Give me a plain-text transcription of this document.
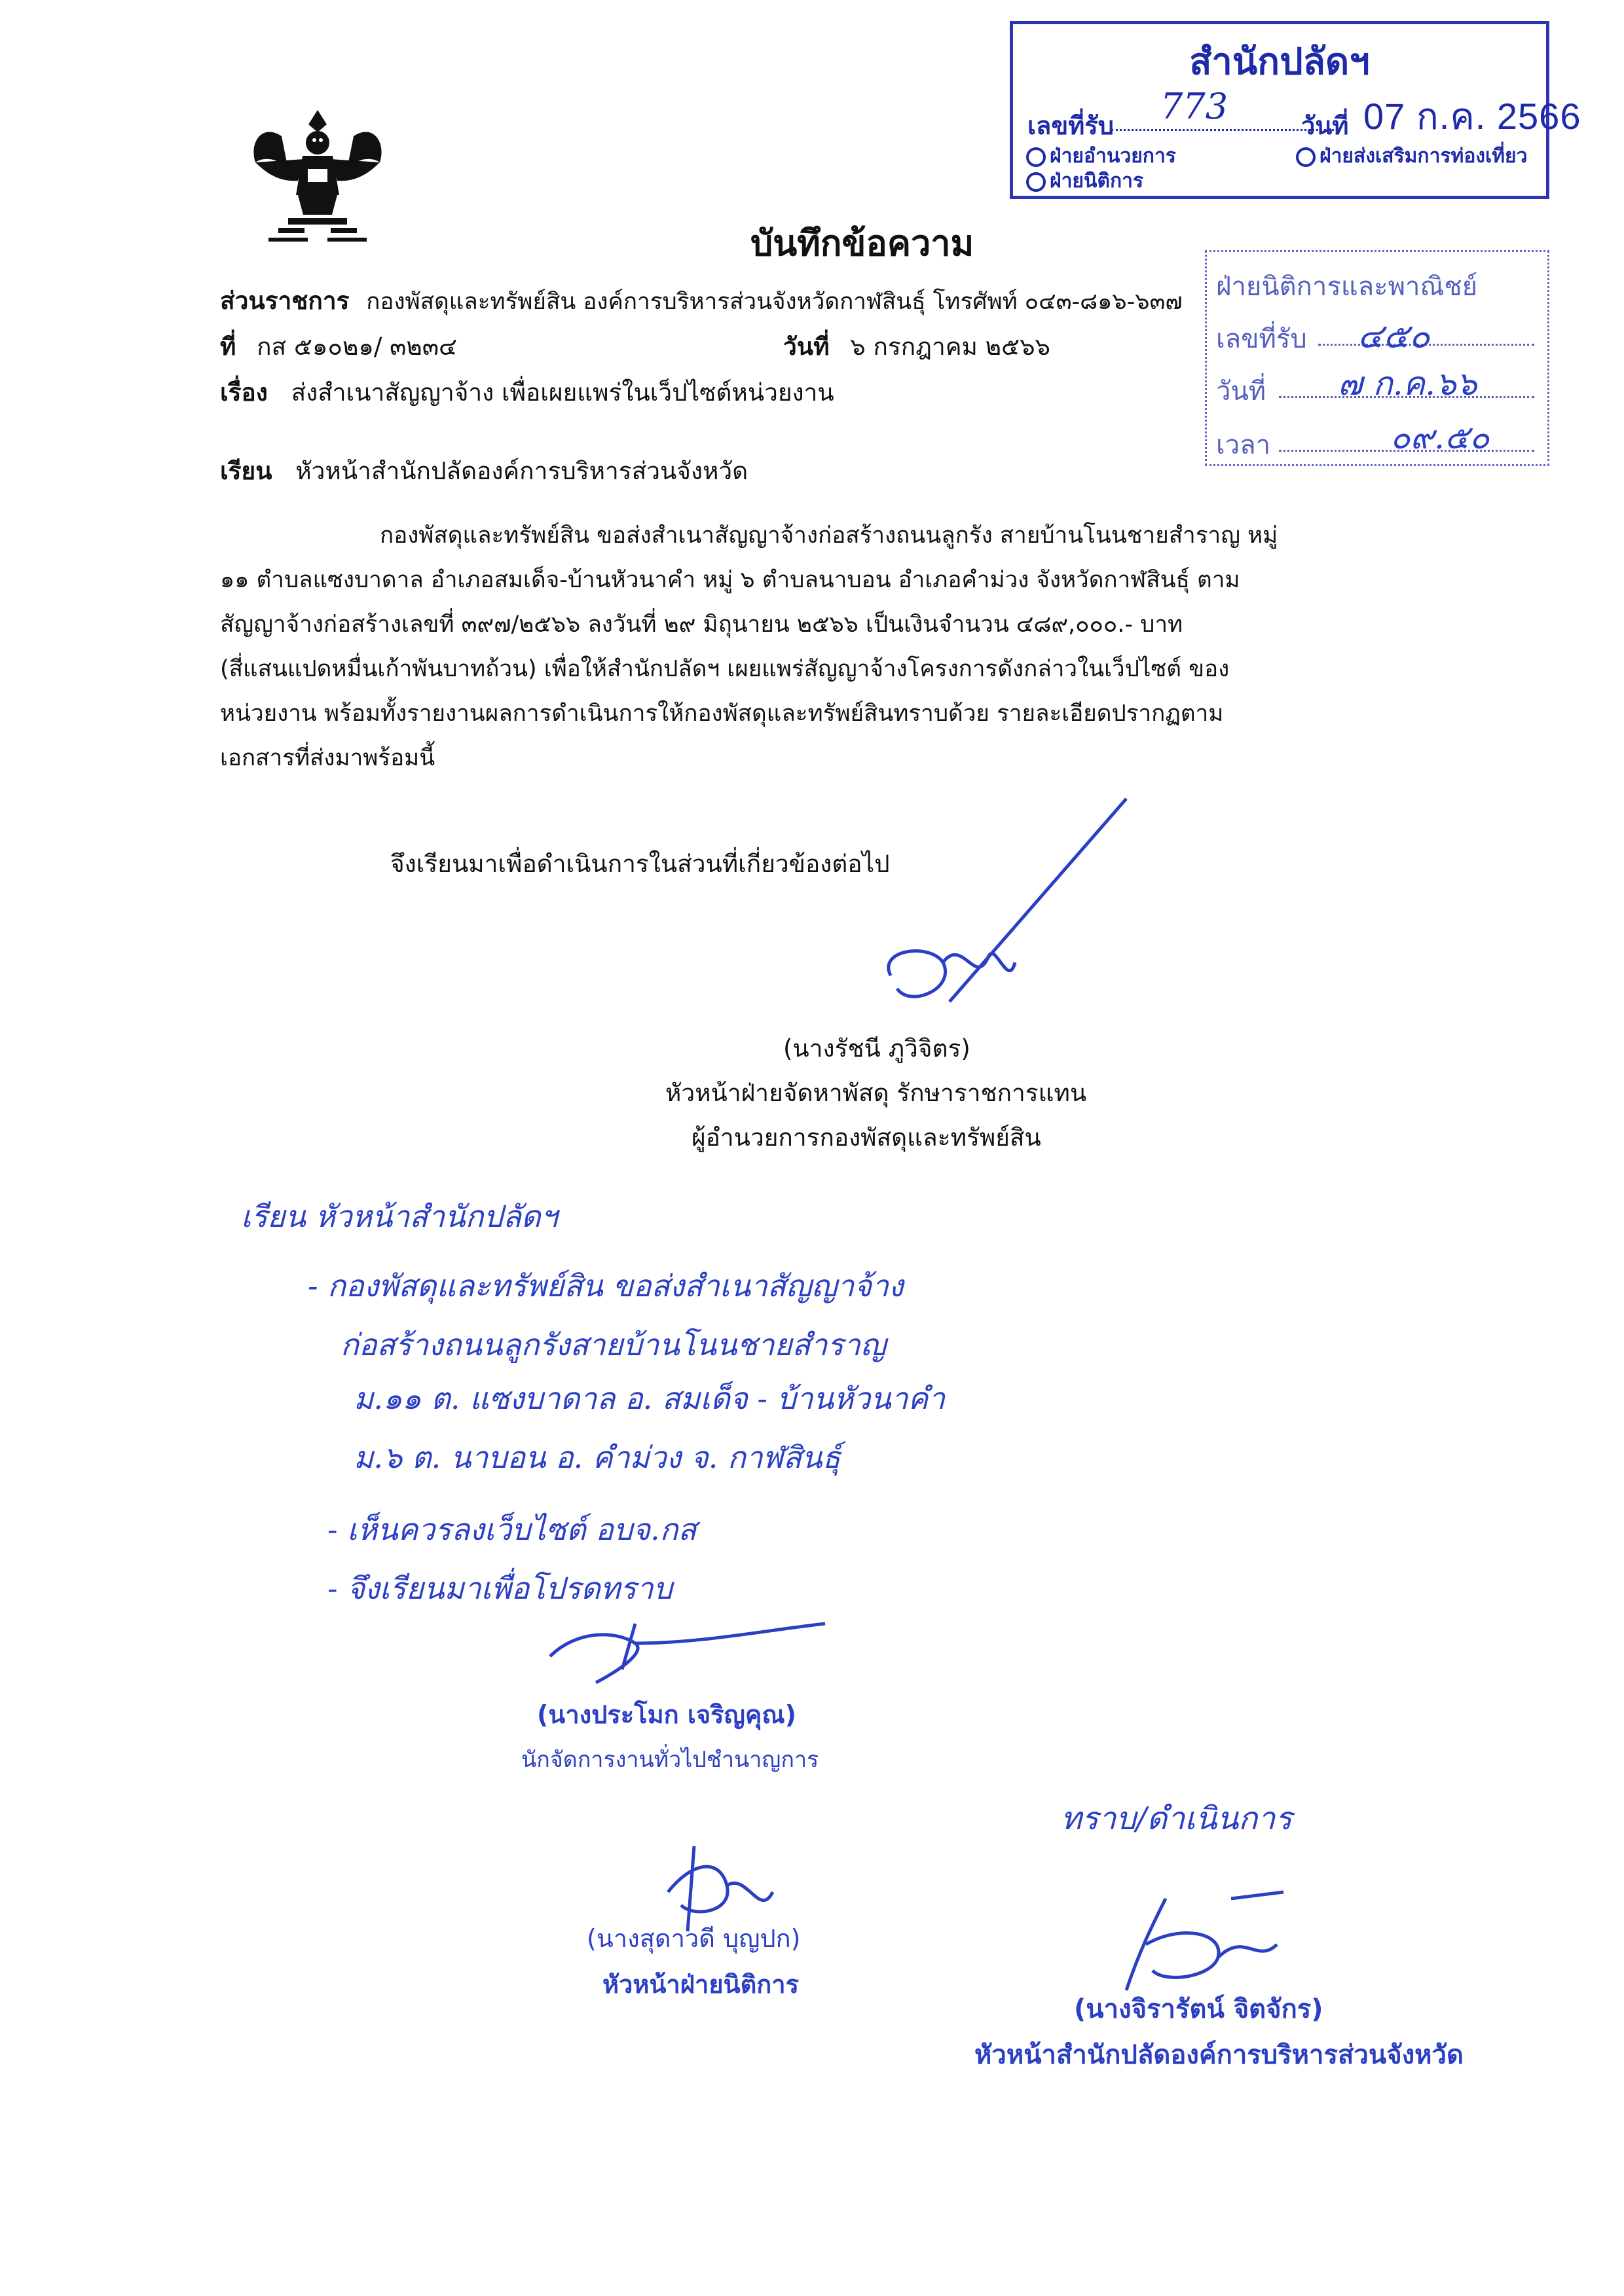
สำนักปลัดฯ
เลขที่รับ 773	วันที่ 07 ก.ค. 2566
ฝ่ายอำนวยการ	ฝ่ายส่งเสริมการท่องเที่ยว
ฝ่ายนิติการ
ฝ่ายนิติการและพาณิชย์
เลขที่รับ ๔๕๐
วันที่ ๗ ก.ค.๖๖
เวลา	๐๙.๕๐
บันทึกข้อความ
ส่วนราชการ กองพัสดุและทรัพย์สิน องค์การบริหารส่วนจังหวัดกาฬสินธุ์ โทรศัพท์ ๐๔๓-๘๑๖-๖๓๗
ที่ กส ๕๑๐๒๑/ ๓๒๓๔	วันที่ ๖ กรกฎาคม ๒๕๖๖
เรื่อง ส่งสำเนาสัญญาจ้าง เพื่อเผยแพร่ในเว็ปไซต์หน่วยงาน
เรียน หัวหน้าสำนักปลัดองค์การบริหารส่วนจังหวัด
กองพัสดุและทรัพย์สิน ขอส่งสำเนาสัญญาจ้างก่อสร้างถนนลูกรัง สายบ้านโนนชายสำราญ หมู่
๑๑ ตำบลแซงบาดาล อำเภอสมเด็จ-บ้านหัวนาคำ หมู่ ๖ ตำบลนาบอน อำเภอคำม่วง จังหวัดกาฬสินธุ์ ตาม
สัญญาจ้างก่อสร้างเลขที่ ๓๙๗/๒๕๖๖ ลงวันที่ ๒๙ มิถุนายน ๒๕๖๖ เป็นเงินจำนวน ๔๘๙,๐๐๐.- บาท
(สี่แสนแปดหมื่นเก้าพันบาทถ้วน) เพื่อให้สำนักปลัดฯ เผยแพร่สัญญาจ้างโครงการดังกล่าวในเว็ปไซต์ ของ
หน่วยงาน พร้อมทั้งรายงานผลการดำเนินการให้กองพัสดุและทรัพย์สินทราบด้วย รายละเอียดปรากฏตาม
เอกสารที่ส่งมาพร้อมนี้
จึงเรียนมาเพื่อดำเนินการในส่วนที่เกี่ยวข้องต่อไป
(นางรัชนี ภูวิจิตร)
หัวหน้าฝ่ายจัดหาพัสดุ รักษาราชการแทน
ผู้อำนวยการกองพัสดุและทรัพย์สิน
เรียน หัวหน้าสำนักปลัดฯ
- กองพัสดุและทรัพย์สิน ขอส่งสำเนาสัญญาจ้าง
ก่อสร้างถนนลูกรังสายบ้านโนนชายสำราญ
ม.๑๑ ต. แซงบาดาล อ. สมเด็จ - บ้านหัวนาคำ
ม.๖ ต. นาบอน อ. คำม่วง จ. กาฬสินธุ์
- เห็นควรลงเว็บไซต์ อบจ.กส
- จึงเรียนมาเพื่อโปรดทราบ
(นางประโมก เจริญคุณ)
นักจัดการงานทั่วไปชำนาญการ
(นางสุดาวดี บุญปก)
หัวหน้าฝ่ายนิติการ
ทราบ/ดำเนินการ
(นางจิรารัตน์ จิตจักร)
หัวหน้าสำนักปลัดองค์การบริหารส่วนจังหวัด
